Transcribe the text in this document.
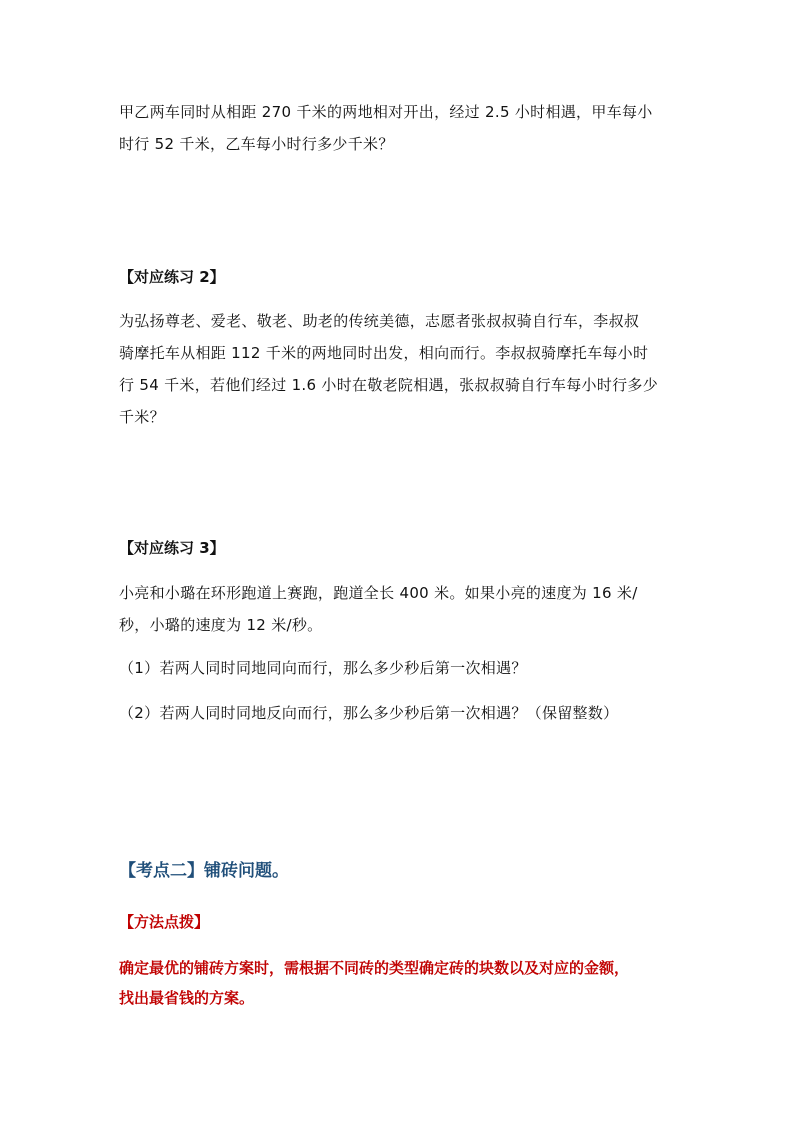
甲乙两车同时从相距 270 千米的两地相对开出，经过 2.5 小时相遇，甲车每小
时行 52 千米，乙车每小时行多少千米？

【对应练习 2】

为弘扬尊老、爱老、敬老、助老的传统美德，志愿者张叔叔骑自行车，李叔叔
骑摩托车从相距 112 千米的两地同时出发，相向而行。李叔叔骑摩托车每小时
行 54 千米，若他们经过 1.6 小时在敬老院相遇，张叔叔骑自行车每小时行多少
千米？

【对应练习 3】

小亮和小璐在环形跑道上赛跑，跑道全长 400 米。如果小亮的速度为 16 米/
秒，小璐的速度为 12 米/秒。

（1）若两人同时同地同向而行，那么多少秒后第一次相遇？

（2）若两人同时同地反向而行，那么多少秒后第一次相遇？（保留整数）

【考点二】铺砖问题。

【方法点拨】

确定最优的铺砖方案时，需根据不同砖的类型确定砖的块数以及对应的金额，
找出最省钱的方案。
